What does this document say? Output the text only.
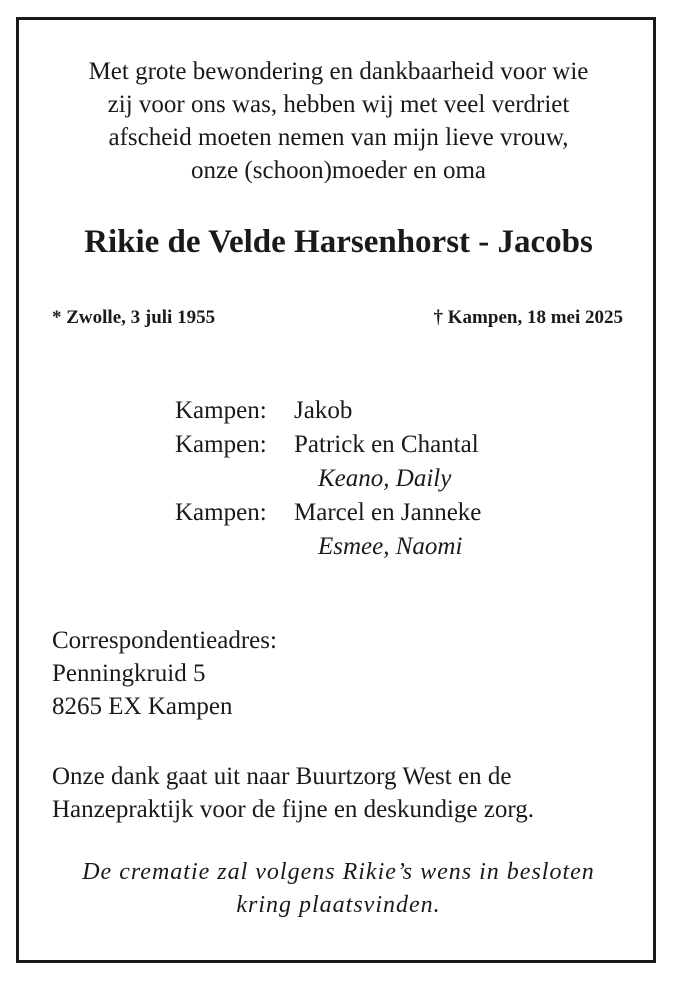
Met grote bewondering en dankbaarheid voor wie
zij voor ons was, hebben wij met veel verdriet
afscheid moeten nemen van mijn lieve vrouw,
onze (schoon)moeder en oma
Rikie de Velde Harsenhorst - Jacobs
* Zwolle, 3 juli 1955	† Kampen, 18 mei 2025
Kampen:	Jakob
Kampen:	Patrick en Chantal
Keano, Daily
Kampen:	Marcel en Janneke
Esmee, Naomi
Correspondentieadres:
Penningkruid 5
8265 EX Kampen
Onze dank gaat uit naar Buurtzorg West en de
Hanzepraktijk voor de fijne en deskundige zorg.
De crematie zal volgens Rikie’s wens in besloten
kring plaatsvinden.
